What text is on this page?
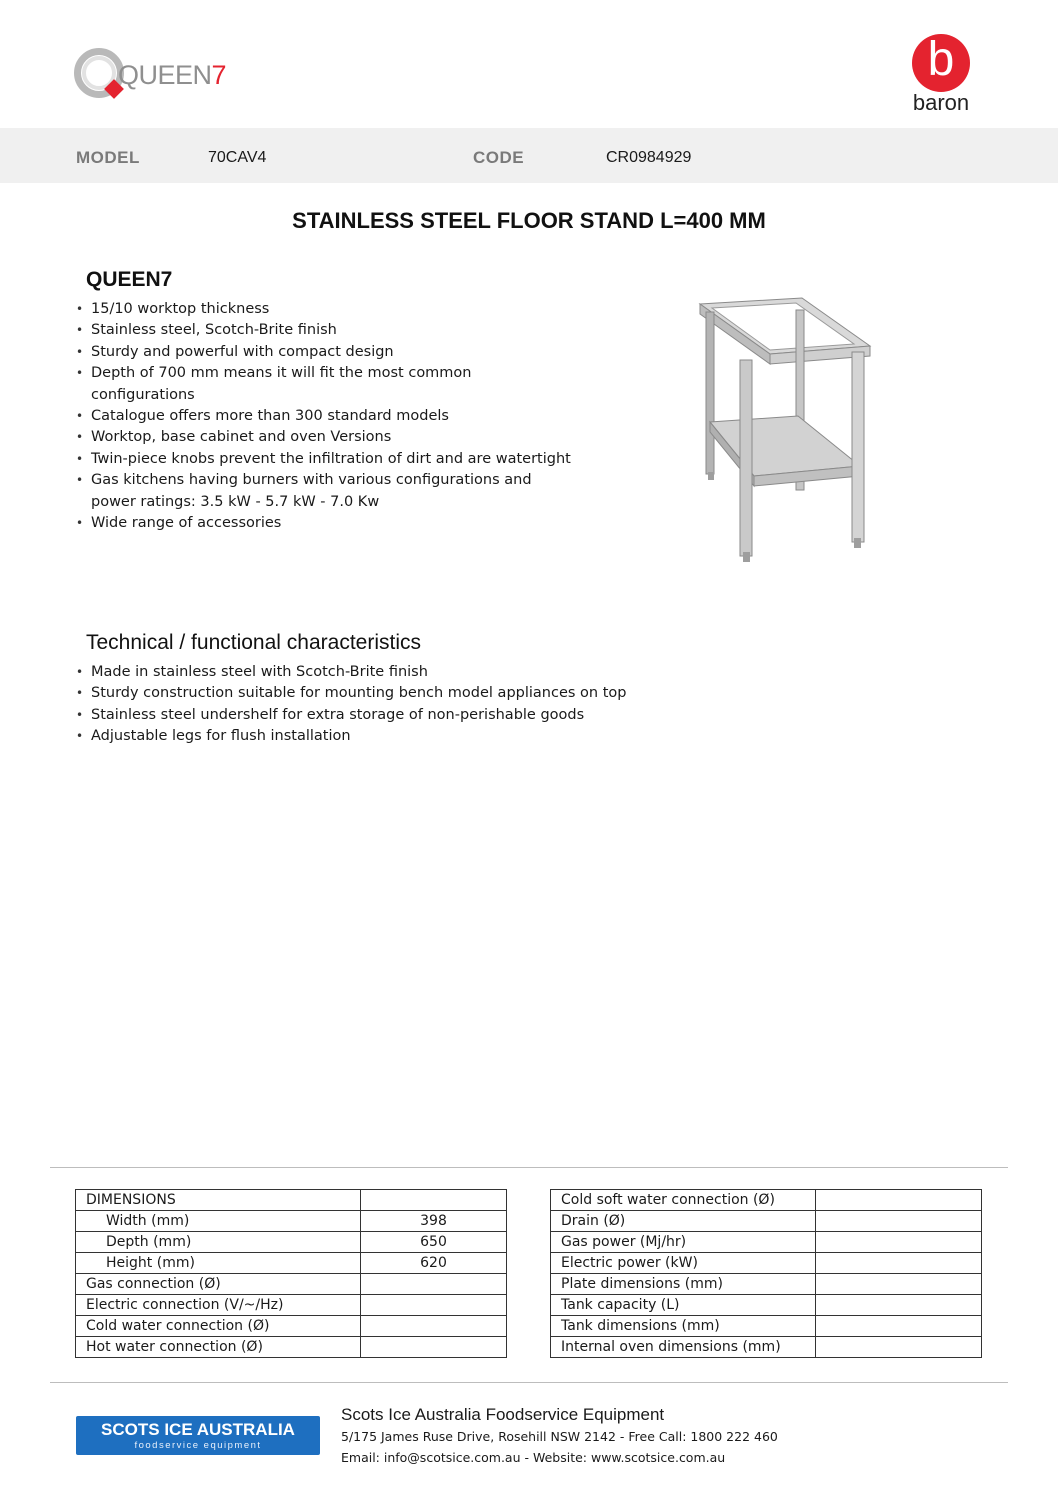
QUEEN7	b
baron
MODEL	70CAV4	CODE	CR0984929
STAINLESS STEEL FLOOR STAND L=400 MM
QUEEN7
• 15/10 worktop thickness
• Stainless steel, Scotch-Brite finish
• Sturdy and powerful with compact design
• Depth of 700 mm means it will fit the most common configurations
• Catalogue offers more than 300 standard models
• Worktop, base cabinet and oven Versions
• Twin-piece knobs prevent the infiltration of dirt and are watertight
• Gas kitchens having burners with various configurations and power ratings: 3.5 kW - 5.7 kW - 7.0 Kw
• Wide range of accessories
Technical / functional characteristics
• Made in stainless steel with Scotch-Brite finish
• Sturdy construction suitable for mounting bench model appliances on top
• Stainless steel undershelf for extra storage of non-perishable goods
• Adjustable legs for flush installation
DIMENSIONS	
Width (mm)	398
Depth (mm)	650
Height (mm)	620
Gas connection (Ø)	
Electric connection (V/~/Hz)	
Cold water connection (Ø)	
Hot water connection (Ø)	
Cold soft water connection (Ø)	
Drain (Ø)	
Gas power (Mj/hr)	
Electric power (kW)	
Plate dimensions (mm)	
Tank capacity (L)	
Tank dimensions (mm)	
Internal oven dimensions (mm)	
SCOTS ICE AUSTRALIA
foodservice equipment
Scots Ice Australia Foodservice Equipment
5/175 James Ruse Drive, Rosehill NSW 2142 - Free Call: 1800 222 460
Email: info@scotsice.com.au - Website: www.scotsice.com.au
